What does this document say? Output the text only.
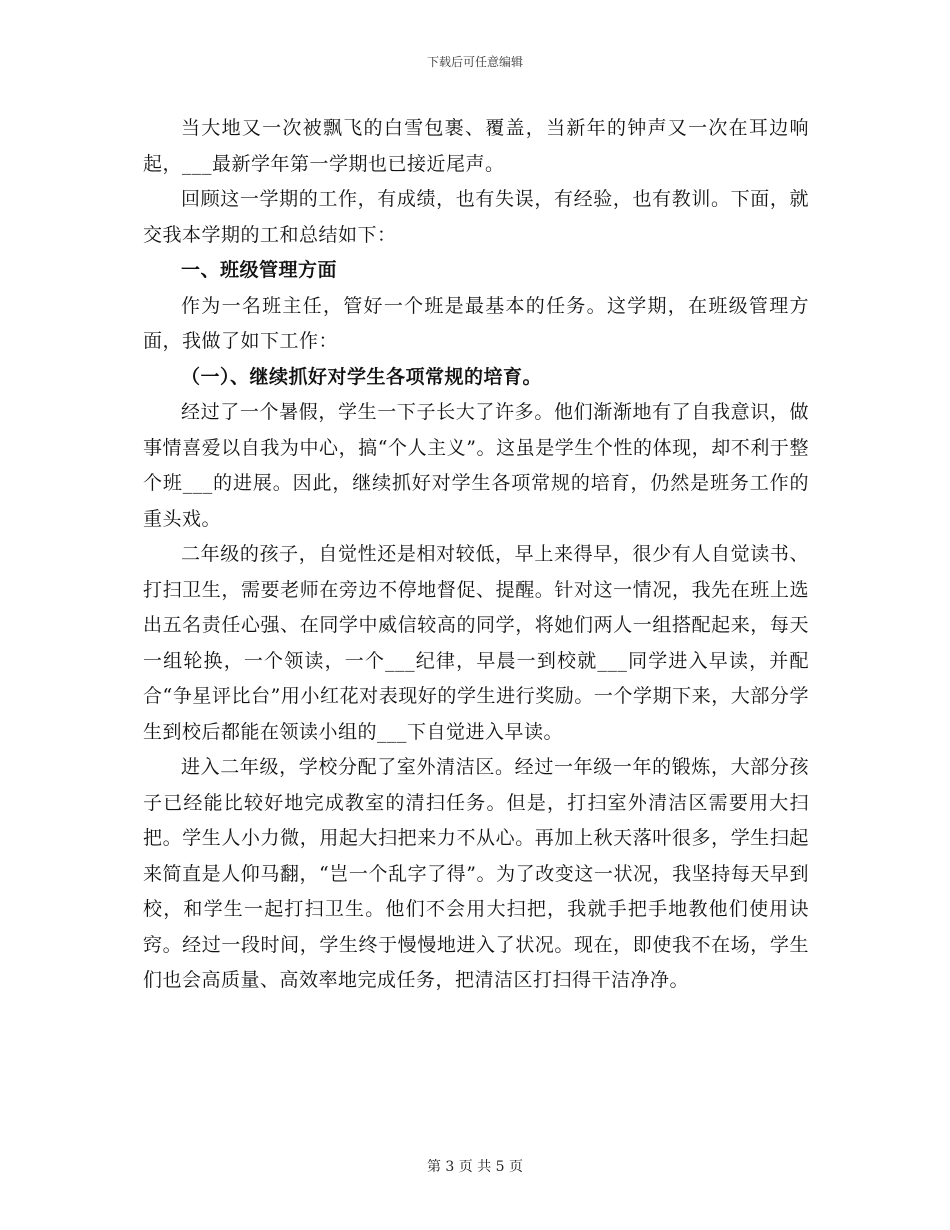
下载后可任意编辑

当大地又一次被飘飞的白雪包裹、覆盖，当新年的钟声又一次在耳边响起，___最新学年第一学期也已接近尾声。

回顾这一学期的工作，有成绩，也有失误，有经验，也有教训。下面，就交我本学期的工和总结如下：

一、班级管理方面

作为一名班主任，管好一个班是最基本的任务。这学期，在班级管理方面，我做了如下工作：

（一）、继续抓好对学生各项常规的培育。

经过了一个暑假，学生一下子长大了许多。他们渐渐地有了自我意识，做事情喜爱以自我为中心，搞“个人主义”。这虽是学生个性的体现，却不利于整个班___的进展。因此，继续抓好对学生各项常规的培育，仍然是班务工作的重头戏。

二年级的孩子，自觉性还是相对较低，早上来得早，很少有人自觉读书、打扫卫生，需要老师在旁边不停地督促、提醒。针对这一情况，我先在班上选出五名责任心强、在同学中威信较高的同学，将她们两人一组搭配起来，每天一组轮换，一个领读，一个___纪律，早晨一到校就___同学进入早读，并配合“争星评比台”用小红花对表现好的学生进行奖励。一个学期下来，大部分学生到校后都能在领读小组的___下自觉进入早读。

进入二年级，学校分配了室外清洁区。经过一年级一年的锻炼，大部分孩子已经能比较好地完成教室的清扫任务。但是，打扫室外清洁区需要用大扫把。学生人小力微，用起大扫把来力不从心。再加上秋天落叶很多，学生扫起来简直是人仰马翻，“岂一个乱字了得”。为了改变这一状况，我坚持每天早到校，和学生一起打扫卫生。他们不会用大扫把，我就手把手地教他们使用诀窍。经过一段时间，学生终于慢慢地进入了状况。现在，即使我不在场，学生们也会高质量、高效率地完成任务，把清洁区打扫得干洁净净。

第 3 页 共 5 页
